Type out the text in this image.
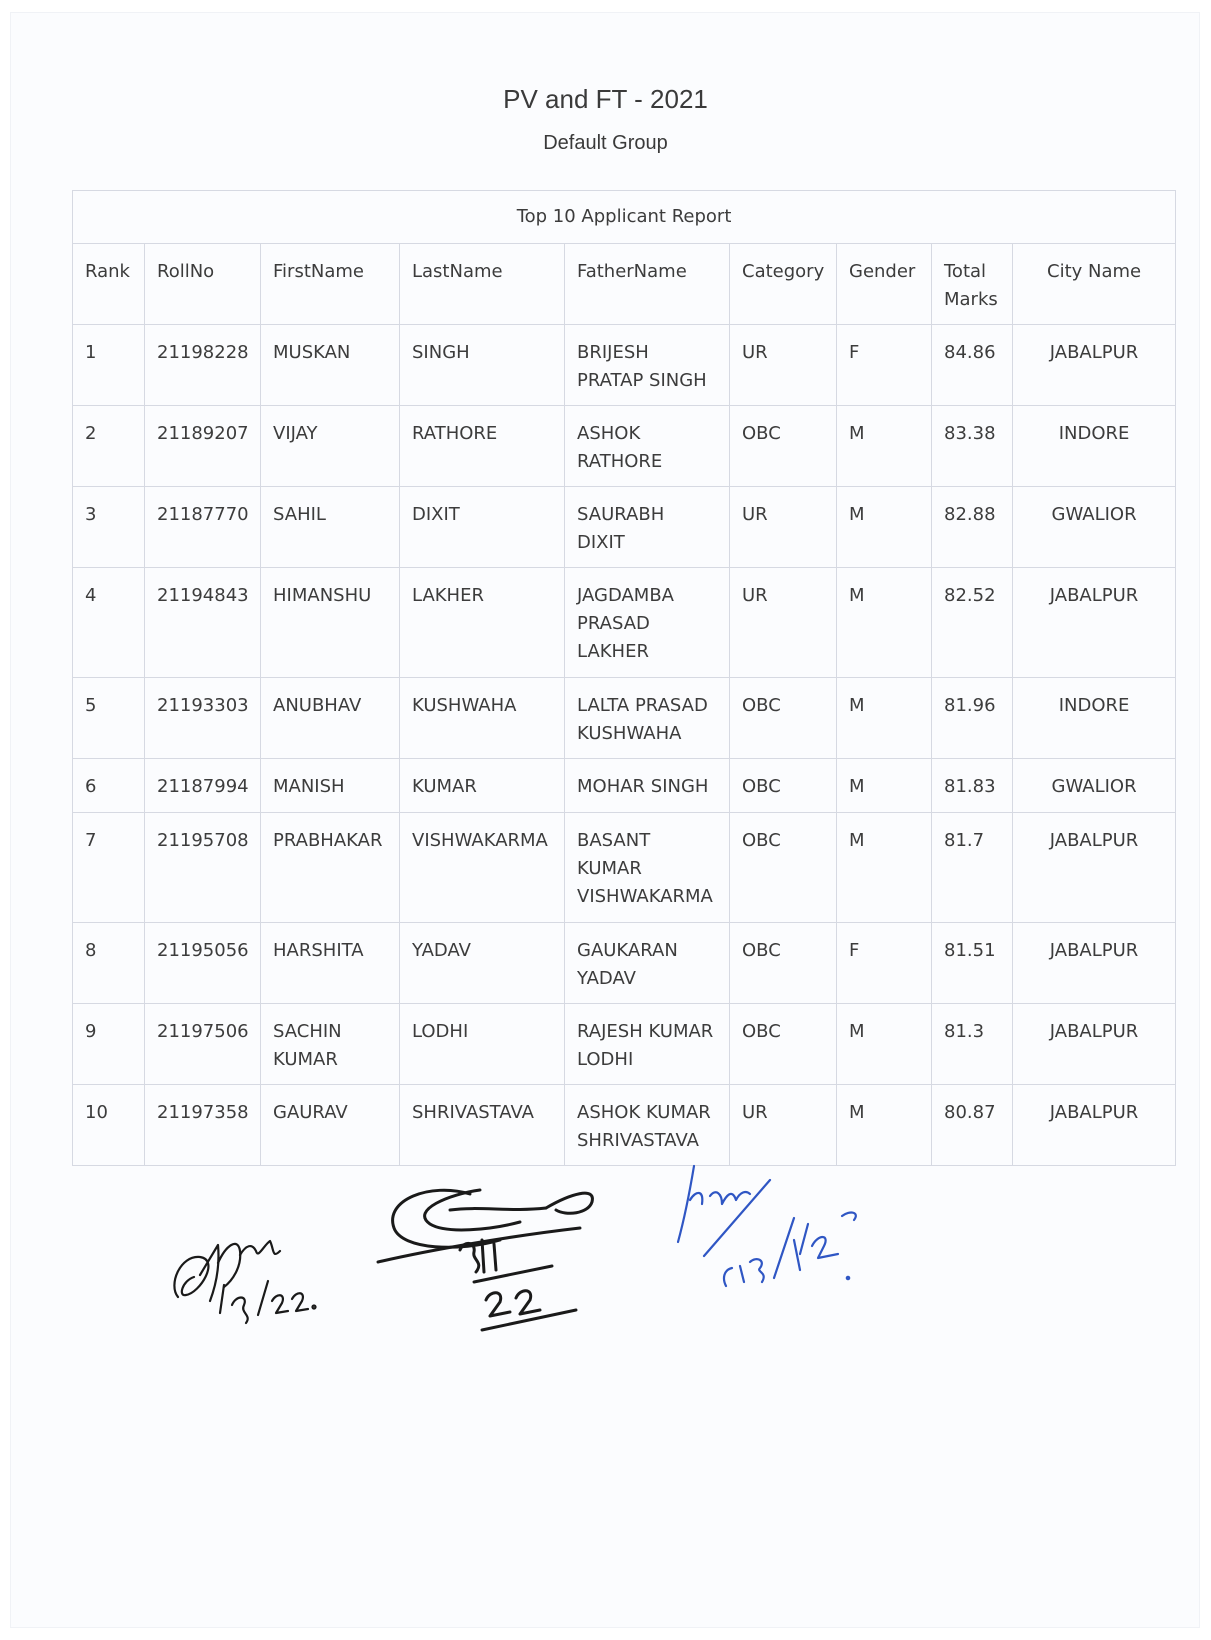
PV and FT - 2021
Default Group
Top 10 Applicant Report								
Rank	RollNo	FirstName	LastName	FatherName	Category	Gender	Total Marks	City Name
1	21198228	MUSKAN	SINGH	BRIJESH PRATAP SINGH	UR	F	84.86	JABALPUR
2	21189207	VIJAY	RATHORE	ASHOK RATHORE	OBC	M	83.38	INDORE
3	21187770	SAHIL	DIXIT	SAURABH DIXIT	UR	M	82.88	GWALIOR
4	21194843	HIMANSHU	LAKHER	JAGDAMBA PRASAD LAKHER	UR	M	82.52	JABALPUR
5	21193303	ANUBHAV	KUSHWAHA	LALTA PRASAD KUSHWAHA	OBC	M	81.96	INDORE
6	21187994	MANISH	KUMAR	MOHAR SINGH	OBC	M	81.83	GWALIOR
7	21195708	PRABHAKAR	VISHWAKARMA	BASANT KUMAR VISHWAKARMA	OBC	M	81.7	JABALPUR
8	21195056	HARSHITA	YADAV	GAUKARAN YADAV	OBC	F	81.51	JABALPUR
9	21197506	SACHIN KUMAR	LODHI	RAJESH KUMAR LODHI	OBC	M	81.3	JABALPUR
10	21197358	GAURAV	SHRIVASTAVA	ASHOK KUMAR SHRIVASTAVA	UR	M	80.87	JABALPUR
